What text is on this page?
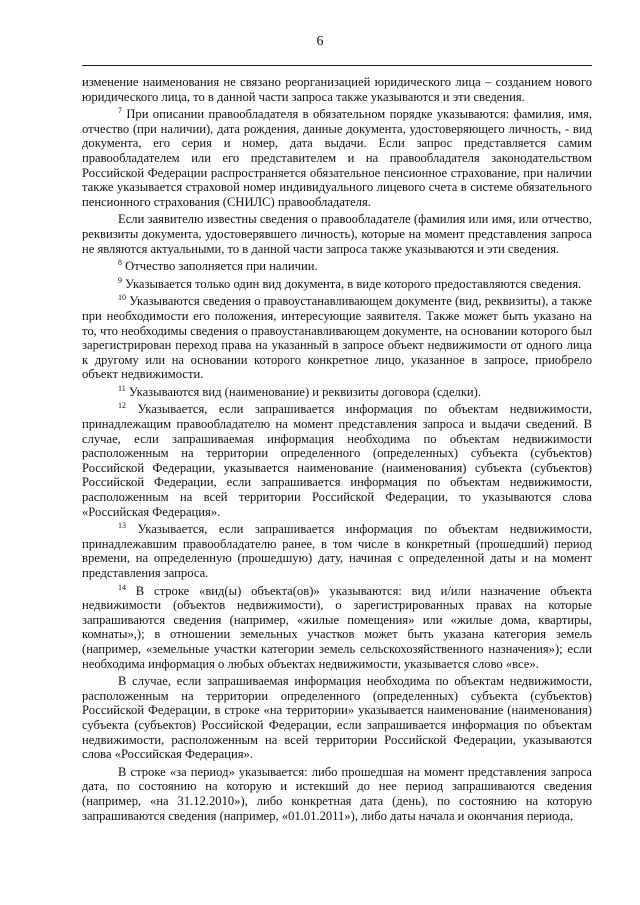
6

изменение наименования не связано реорганизацией юридического лица – созданием нового юридического лица, то в данной части запроса также указываются и эти сведения.

$^7$ При описании правообладателя в обязательном порядке указываются: фамилия, имя, отчество (при наличии), дата рождения, данные документа, удостоверяющего личность, - вид документа, его серия и номер, дата выдачи. Если запрос представляется самим правообладателем или его представителем и на правообладателя законодательством Российской Федерации распространяется обязательное пенсионное страхование, при наличии также указывается страховой номер индивидуального лицевого счета в системе обязательного пенсионного страхования (СНИЛС) правообладателя.

Если заявителю известны сведения о правообладателе (фамилия или имя, или отчество, реквизиты документа, удостоверявшего личность), которые на момент представления запроса не являются актуальными, то в данной части запроса также указываются и эти сведения.

$^8$ Отчество заполняется при наличии.

$^9$ Указывается только один вид документа, в виде которого предоставляются сведения.

$^{10}$ Указываются сведения о правоустанавливающем документе (вид, реквизиты), а также при необходимости его положения, интересующие заявителя. Также может быть указано на то, что необходимы сведения о правоустанавливающем документе, на основании которого был зарегистрирован переход права на указанный в запросе объект недвижимости от одного лица к другому или на основании которого конкретное лицо, указанное в запросе, приобрело объект недвижимости.

$^{11}$ Указываются вид (наименование) и реквизиты договора (сделки).

$^{12}$ Указывается, если запрашивается информация по объектам недвижимости, принадлежащим правообладателю на момент представления запроса и выдачи сведений. В случае, если запрашиваемая информация необходима по объектам недвижимости расположенным на территории определенного (определенных) субъекта (субъектов) Российской Федерации, указывается наименование (наименования) субъекта (субъектов) Российской Федерации, если запрашивается информация по объектам недвижимости, расположенным на всей территории Российской Федерации, то указываются слова «Российская Федерация».

$^{13}$ Указывается, если запрашивается информация по объектам недвижимости, принадлежавшим правообладателю ранее, в том числе в конкретный (прошедший) период времени, на определенную (прошедшую) дату, начиная с определенной даты и на момент представления запроса.

$^{14}$ В строке «вид(ы) объекта(ов)» указываются: вид и/или назначение объекта недвижимости (объектов недвижимости), о зарегистрированных правах на которые запрашиваются сведения (например, «жилые помещения» или «жилые дома, квартиры, комнаты»,); в отношении земельных участков может быть указана категория земель (например, «земельные участки категории земель сельскохозяйственного назначения»); если необходима информация о любых объектах недвижимости, указывается слово «все».

В случае, если запрашиваемая информация необходима по объектам недвижимости, расположенным на территории определенного (определенных) субъекта (субъектов) Российской Федерации, в строке «на территории» указывается наименование (наименования) субъекта (субъектов) Российской Федерации, если запрашивается информация по объектам недвижимости, расположенным на всей территории Российской Федерации, указываются слова «Российская Федерация».

В строке «за период» указывается: либо прошедшая на момент представления запроса дата, по состоянию на которую и истекший до нее период запрашиваются сведения (например, «на 31.12.2010»), либо конкретная дата (день), по состоянию на которую запрашиваются сведения (например, «01.01.2011»), либо даты начала и окончания периода,
